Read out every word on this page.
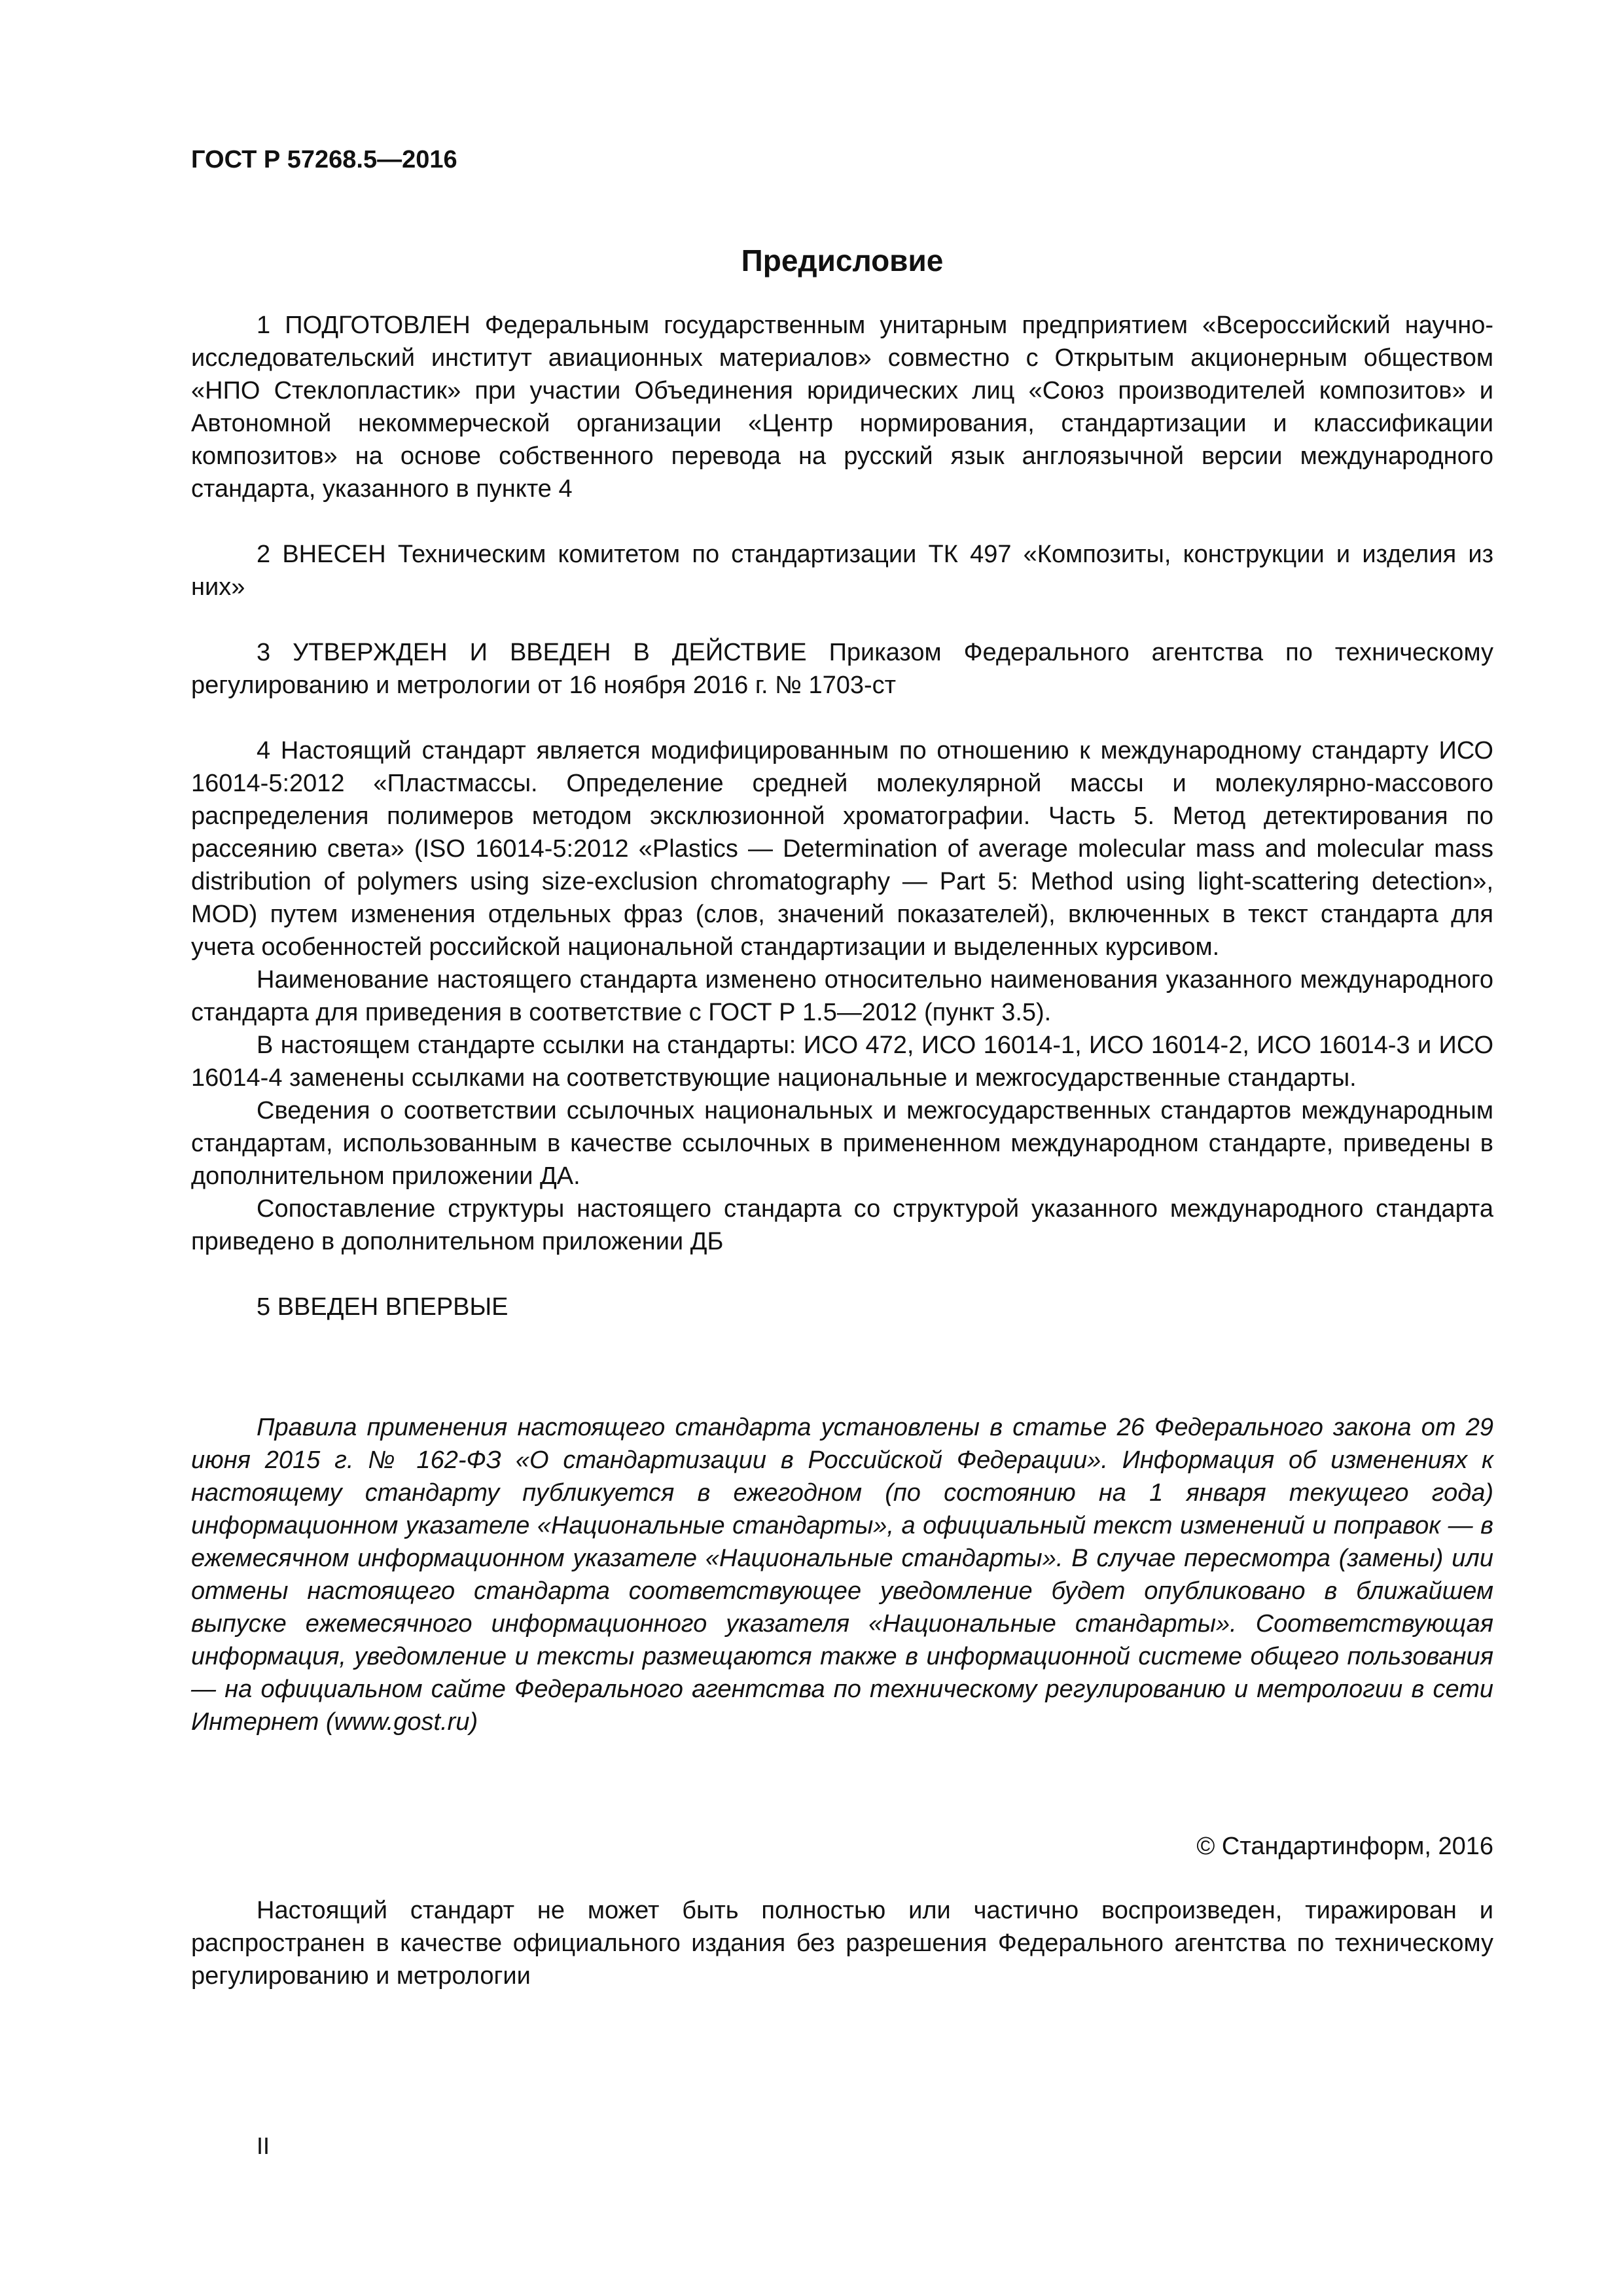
ГОСТ Р 57268.5—2016

Предисловие

1 ПОДГОТОВЛЕН Федеральным государственным унитарным предприятием «Всероссийский научно-исследовательский институт авиационных материалов» совместно с Открытым акционерным обществом «НПО Стеклопластик» при участии Объединения юридических лиц «Союз производителей композитов» и Автономной некоммерческой организации «Центр нормирования, стандартизации и классификации композитов» на основе собственного перевода на русский язык англоязычной версии международного стандарта, указанного в пункте 4

2 ВНЕСЕН Техническим комитетом по стандартизации ТК 497 «Композиты, конструкции и изделия из них»

3 УТВЕРЖДЕН И ВВЕДЕН В ДЕЙСТВИЕ Приказом Федерального агентства по техническому регулированию и метрологии от 16 ноября 2016 г. № 1703-ст

4 Настоящий стандарт является модифицированным по отношению к международному стандарту ИСО 16014-5:2012 «Пластмассы. Определение средней молекулярной массы и молекулярно-массового распределения полимеров методом эксклюзионной хроматографии. Часть 5. Метод детектирования по рассеянию света» (ISO 16014-5:2012 «Plastics — Determination of average molecular mass and molecular mass distribution of polymers using size-exclusion chromatography — Part 5: Method using light-scattering detection», MOD) путем изменения отдельных фраз (слов, значений показателей), включенных в текст стандарта для учета особенностей российской национальной стандартизации и выделенных курсивом.

Наименование настоящего стандарта изменено относительно наименования указанного международного стандарта для приведения в соответствие с ГОСТ Р 1.5—2012 (пункт 3.5).

В настоящем стандарте ссылки на стандарты: ИСО 472, ИСО 16014-1, ИСО 16014-2, ИСО 16014-3 и ИСО 16014-4 заменены ссылками на соответствующие национальные и межгосударственные стандарты.

Сведения о соответствии ссылочных национальных и межгосударственных стандартов международным стандартам, использованным в качестве ссылочных в примененном международном стандарте, приведены в дополнительном приложении ДА.

Сопоставление структуры настоящего стандарта со структурой указанного международного стандарта приведено в дополнительном приложении ДБ

5 ВВЕДЕН ВПЕРВЫЕ

Правила применения настоящего стандарта установлены в статье 26 Федерального закона от 29 июня 2015 г. № 162-ФЗ «О стандартизации в Российской Федерации». Информация об изменениях к настоящему стандарту публикуется в ежегодном (по состоянию на 1 января текущего года) информационном указателе «Национальные стандарты», а официальный текст изменений и поправок — в ежемесячном информационном указателе «Национальные стандарты». В случае пересмотра (замены) или отмены настоящего стандарта соответствующее уведомление будет опубликовано в ближайшем выпуске ежемесячного информационного указателя «Национальные стандарты». Соответствующая информация, уведомление и тексты размещаются также в информационной системе общего пользования — на официальном сайте Федерального агентства по техническому регулированию и метрологии в сети Интернет (www.gost.ru)

© Стандартинформ, 2016

Настоящий стандарт не может быть полностью или частично воспроизведен, тиражирован и распространен в качестве официального издания без разрешения Федерального агентства по техническому регулированию и метрологии

II
